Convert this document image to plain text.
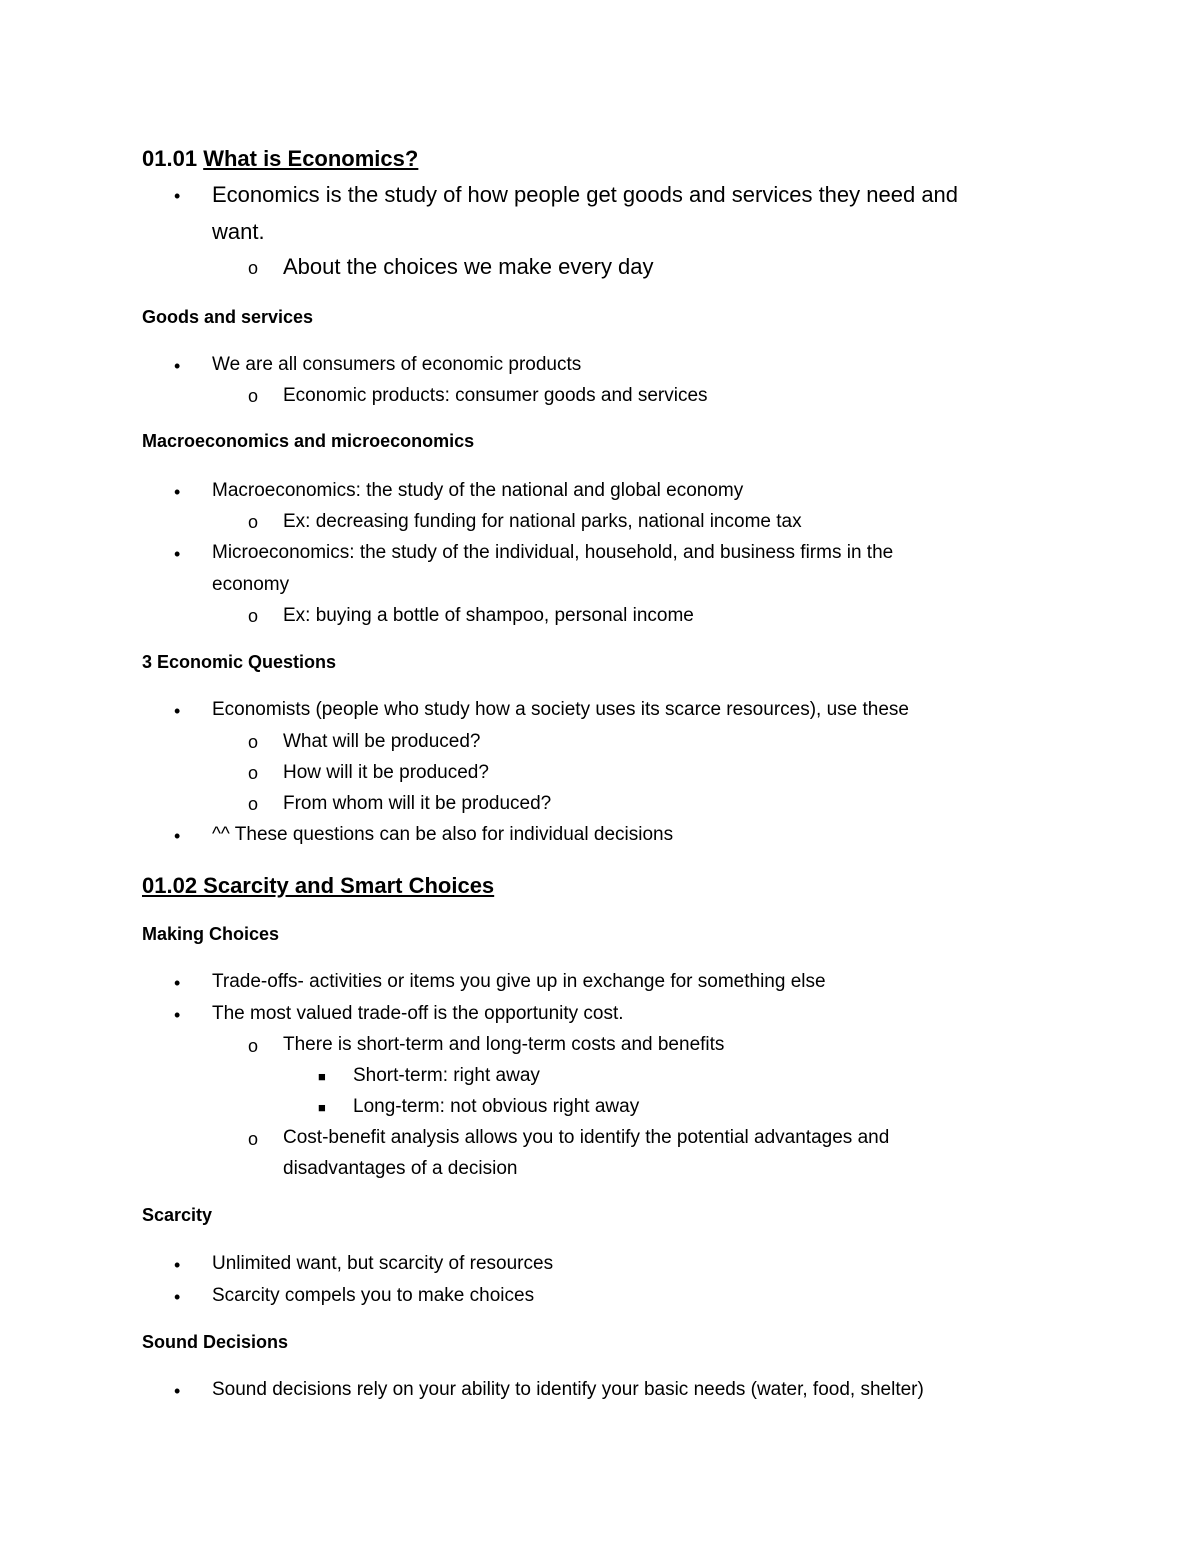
01.01 What is Economics?
• Economics is the study of how people get goods and services they need and
want.
o About the choices we make every day
Goods and services
• We are all consumers of economic products
o Economic products: consumer goods and services
Macroeconomics and microeconomics
• Macroeconomics: the study of the national and global economy
o Ex: decreasing funding for national parks, national income tax
• Microeconomics: the study of the individual, household, and business firms in the
economy
o Ex: buying a bottle of shampoo, personal income
3 Economic Questions
• Economists (people who study how a society uses its scarce resources), use these
o What will be produced?
o How will it be produced?
o From whom will it be produced?
• ^^ These questions can be also for individual decisions
01.02 Scarcity and Smart Choices
Making Choices
• Trade-offs- activities or items you give up in exchange for something else
• The most valued trade-off is the opportunity cost.
o There is short-term and long-term costs and benefits
■ Short-term: right away
■ Long-term: not obvious right away
o Cost-benefit analysis allows you to identify the potential advantages and
disadvantages of a decision
Scarcity
• Unlimited want, but scarcity of resources
• Scarcity compels you to make choices
Sound Decisions
• Sound decisions rely on your ability to identify your basic needs (water, food, shelter)
